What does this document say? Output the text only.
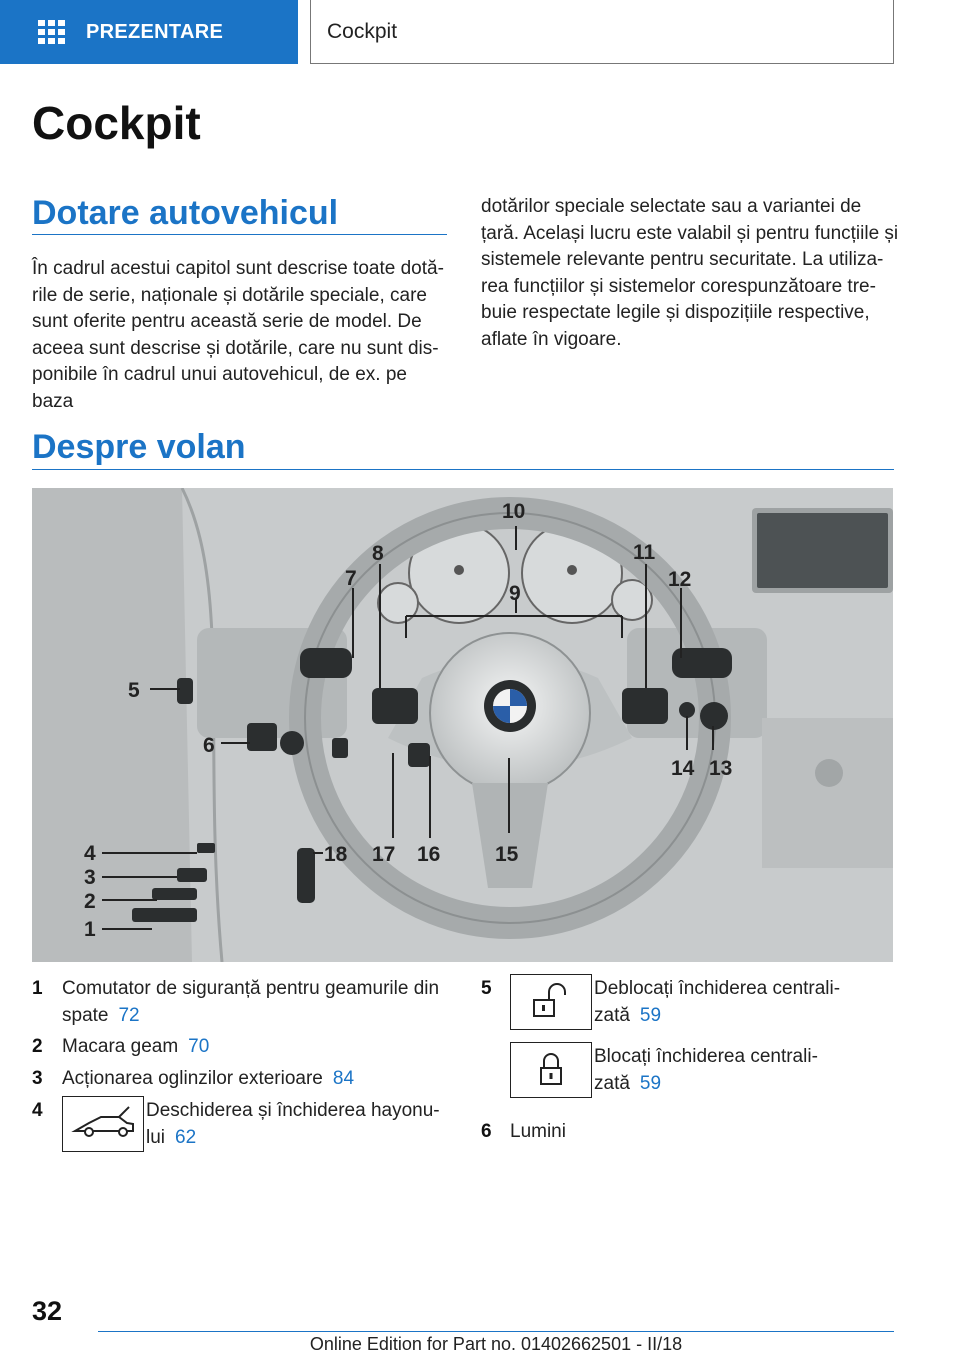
PREZENTARE	Cockpit
Cockpit
Dotare autovehicul
În cadrul acestui capitol sunt descrise toate dotă‐
rile de serie, naționale și dotările speciale, care
sunt oferite pentru această serie de model. De
aceea sunt descrise și dotările, care nu sunt dis‐
ponibile în cadrul unui autovehicul, de ex. pe baza
dotărilor speciale selectate sau a variantei de
țară. Același lucru este valabil și pentru funcțiile și
sistemele relevante pentru securitate. La utiliza‐
rea funcțiilor și sistemelor corespunzătoare tre‐
buie respectate legile și dispozițiile respective,
aflate în vigoare.
Despre volan
1
2
3
4
5
6
7
8
9
10
11
12
13
14
15
16
17
18
1 Comutator de siguranță pentru geamurile din
spate 72
2 Macara geam 70
3 Acționarea oglinzilor exterioare 84
4	Deschiderea și închiderea hayonu‐
lui 62
5	Deblocați închiderea centrali‐
zată 59
Blocați închiderea centrali‐
zată 59
6 Lumini
32
Online Edition for Part no. 01402662501 - II/18
